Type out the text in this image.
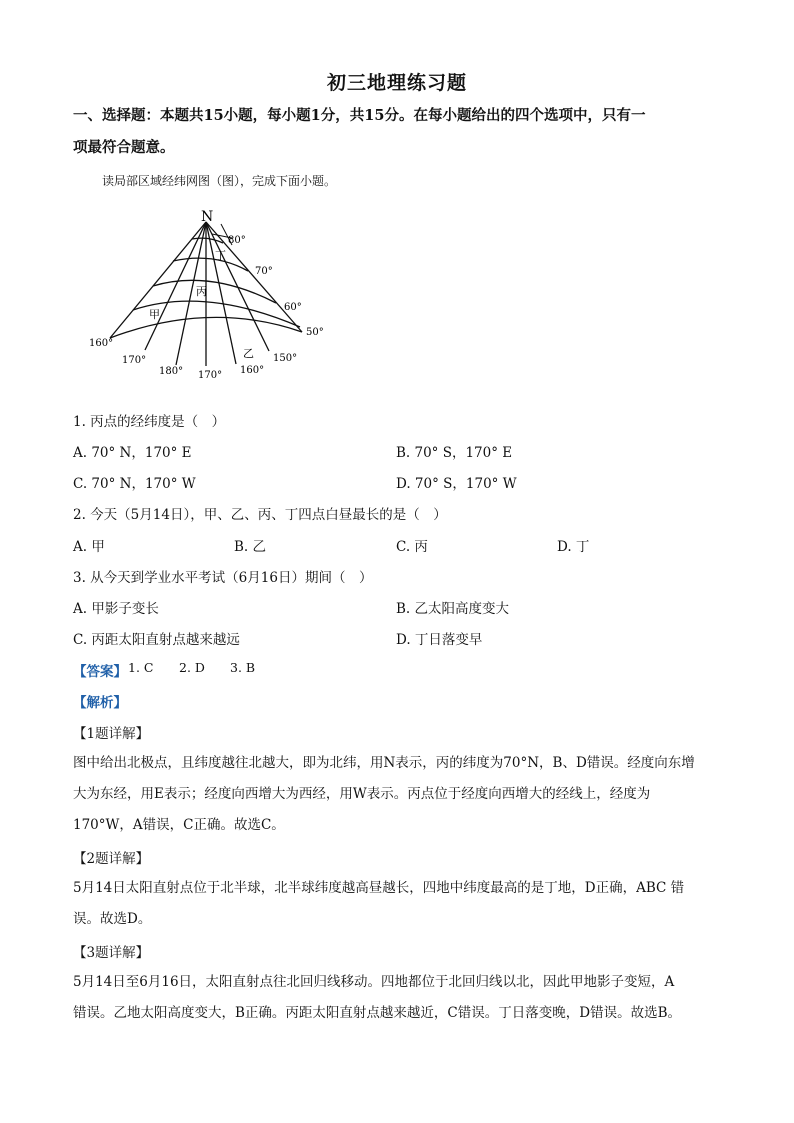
初三地理练习题
一、选择题：本题共15小题，每小题1分，共15分。在每小题给出的四个选项中，只有一
项最符合题意。
读局部区域经纬网图（图），完成下面小题。
N
80°
70°
60°
50°
160°
170°
180° 170° 160°
150°
甲
乙
丙
丁
1. 丙点的经纬度是（　）
A. 70° N，170° E	B. 70° S，170° E
C. 70° N，170° W	D. 70° S，170° W
2. 今天（5月14日），甲、乙、丙、丁四点白昼最长的是（　）
A. 甲	B. 乙	C. 丙	D. 丁
3. 从今天到学业水平考试（6月16日）期间（　）
A. 甲影子变长	B. 乙太阳高度变大
C. 丙距太阳直射点越来越远	D. 丁日落变早
【答案】 1. C 2. D 3. B
【解析】
【1题详解】
图中给出北极点，且纬度越往北越大，即为北纬，用N表示，丙的纬度为70°N，B、D错误。经度向东增
大为东经，用E表示；经度向西增大为西经，用W表示。丙点位于经度向西增大的经线上，经度为
170°W，A错误，C正确。故选C。
【2题详解】
5月14日太阳直射点位于北半球，北半球纬度越高昼越长，四地中纬度最高的是丁地，D正确，ABC 错
误。故选D。
【3题详解】
5月14日至6月16日，太阳直射点往北回归线移动。四地都位于北回归线以北，因此甲地影子变短，A
错误。乙地太阳高度变大，B正确。丙距太阳直射点越来越近，C错误。丁日落变晚，D错误。故选B。
